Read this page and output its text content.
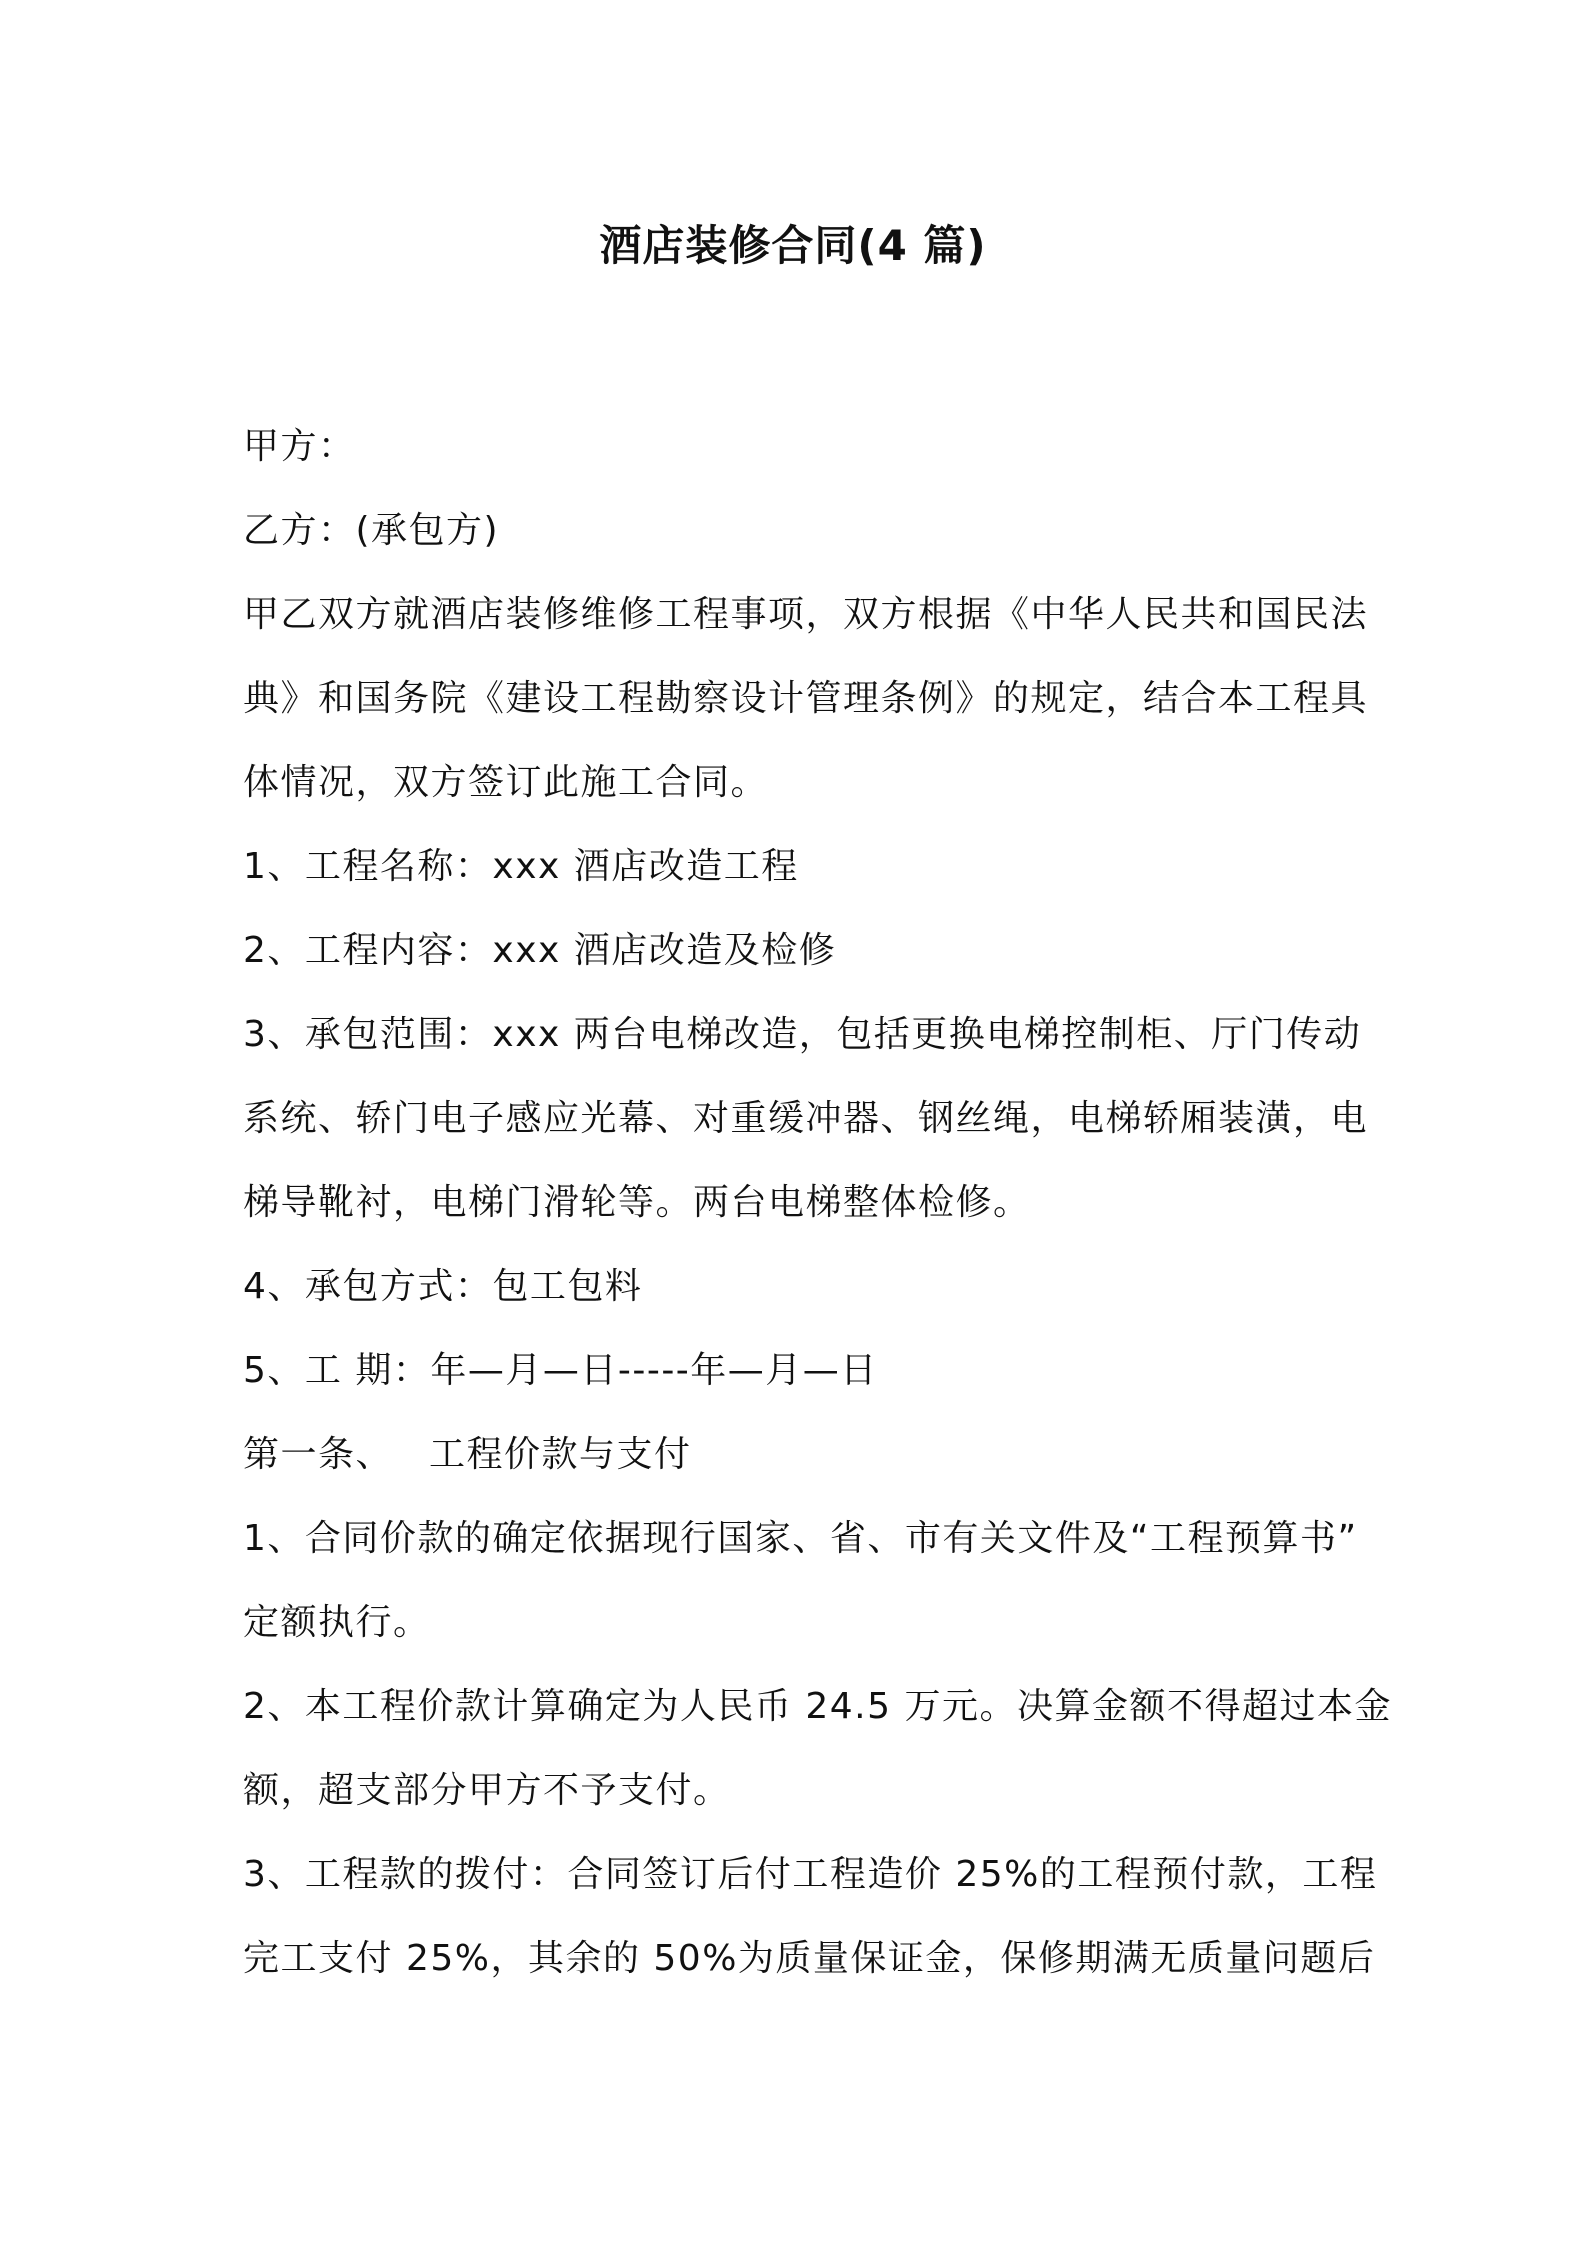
酒店装修合同(4 篇)
甲方：
乙方：(承包方)
甲乙双方就酒店装修维修工程事项，双方根据《中华人民共和国民法
典》和国务院《建设工程勘察设计管理条例》的规定，结合本工程具
体情况，双方签订此施工合同。
1、工程名称：xxx 酒店改造工程
2、工程内容：xxx 酒店改造及检修
3、承包范围：xxx 两台电梯改造，包括更换电梯控制柜、厅门传动
系统、轿门电子感应光幕、对重缓冲器、钢丝绳，电梯轿厢装潢，电
梯导靴衬，电梯门滑轮等。两台电梯整体检修。
4、承包方式：包工包料
5、工 期：年—月—日-----年—月—日
第一条、 工程价款与支付
1、合同价款的确定依据现行国家、省、市有关文件及“工程预算书”
定额执行。
2、本工程价款计算确定为人民币 24.5 万元。决算金额不得超过本金
额，超支部分甲方不予支付。
3、工程款的拨付：合同签订后付工程造价 25%的工程预付款，工程
完工支付 25%，其余的 50%为质量保证金，保修期满无质量问题后
